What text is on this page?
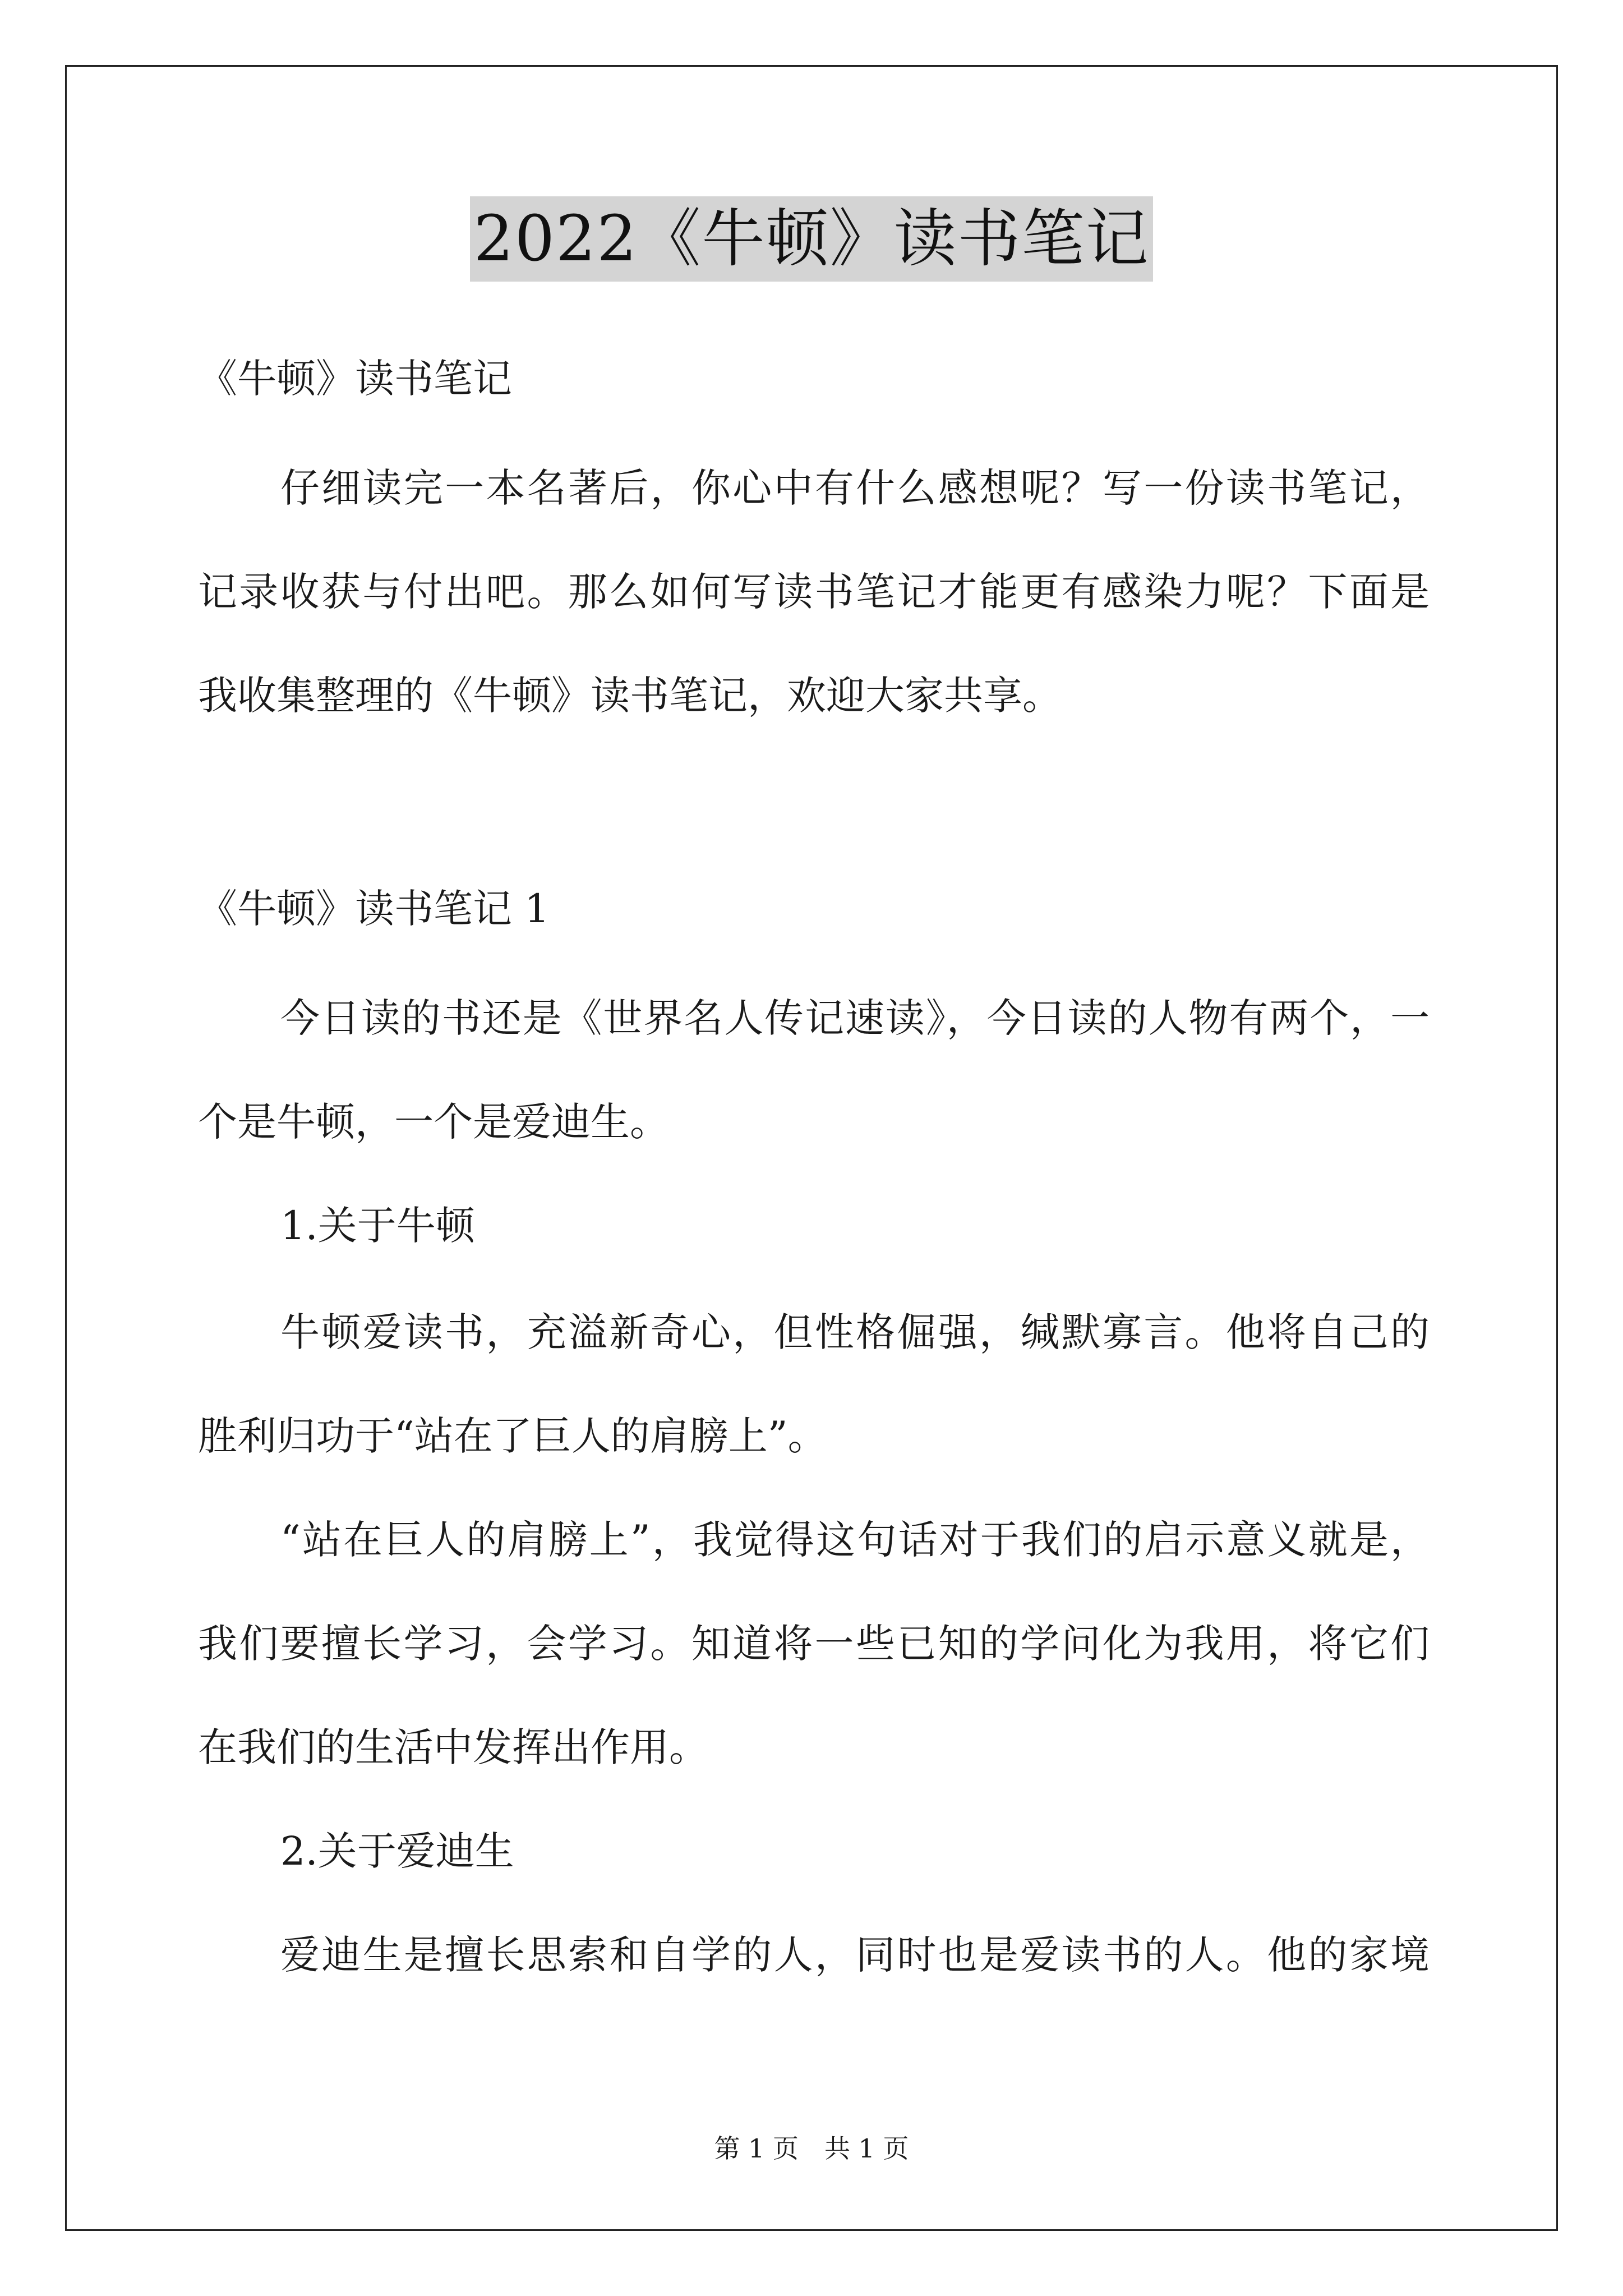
2022《牛顿》读书笔记
《牛顿》读书笔记
仔细读完一本名著后，你心中有什么感想呢？写一份读书笔记，
记录收获与付出吧。那么如何写读书笔记才能更有感染力呢？下面是
我收集整理的《牛顿》读书笔记，欢迎大家共享。
《牛顿》读书笔记 1
今日读的书还是《世界名人传记速读》，今日读的人物有两个，一
个是牛顿，一个是爱迪生。
1.关于牛顿
牛顿爱读书，充溢新奇心，但性格倔强，缄默寡言。他将自己的
胜利归功于“站在了巨人的肩膀上”。
“站在巨人的肩膀上”，我觉得这句话对于我们的启示意义就是，
我们要擅长学习，会学习。知道将一些已知的学问化为我用，将它们
在我们的生活中发挥出作用。
2.关于爱迪生
爱迪生是擅长思索和自学的人，同时也是爱读书的人。他的家境
第 1 页　共 1 页
